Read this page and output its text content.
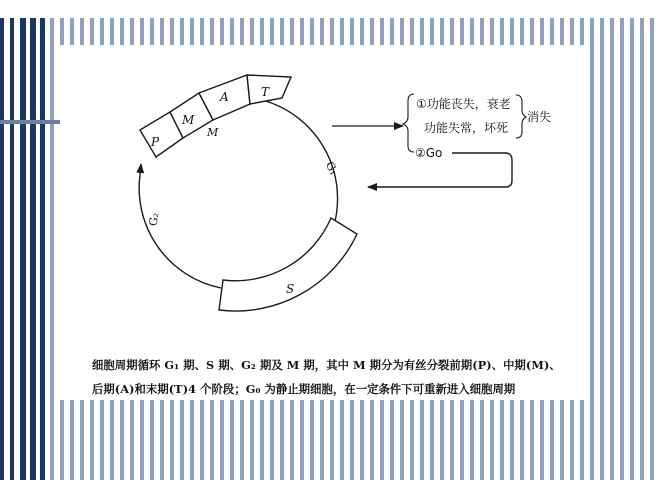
P
M
A	T
M
G₁
G₂
S
①功能丧失，衰老
功能失常，坏死
消失
②Go
细胞周期循环 G₁ 期、S 期、G₂ 期及 M 期，其中 M 期分为有丝分裂前期(P)、中期(M)、
后期(A)和末期(T)4 个阶段；G₀ 为静止期细胞，在一定条件下可重新进入细胞周期
